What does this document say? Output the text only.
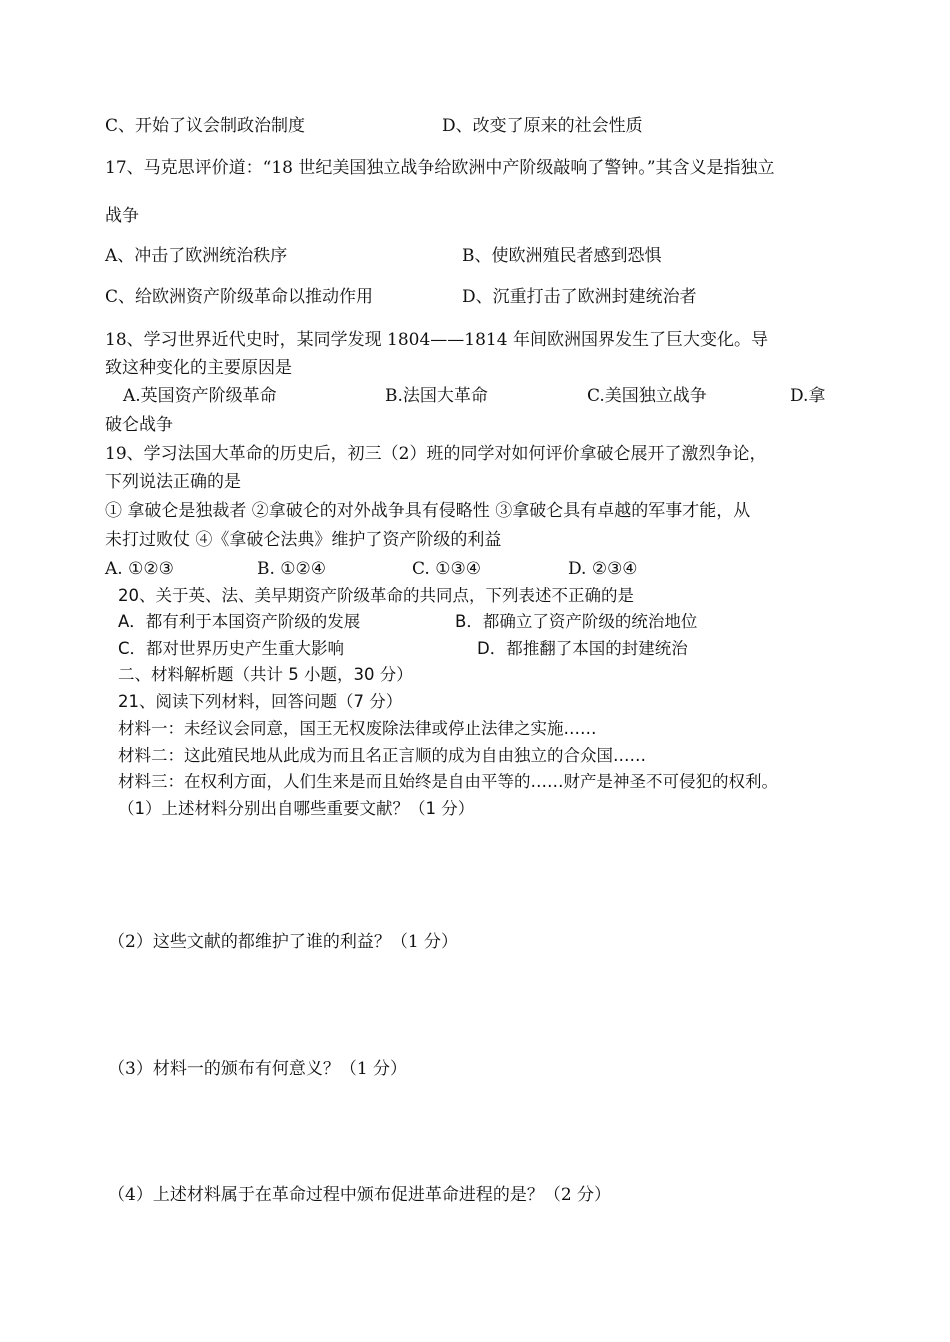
C、开始了议会制政治制度	D、改变了原来的社会性质
17、马克思评价道：“18 世纪美国独立战争给欧洲中产阶级敲响了警钟。”其含义是指独立
战争
A、冲击了欧洲统治秩序	B、使欧洲殖民者感到恐惧
C、给欧洲资产阶级革命以推动作用	D、沉重打击了欧洲封建统治者
18、学习世界近代史时，某同学发现 1804——1814 年间欧洲国界发生了巨大变化。导
致这种变化的主要原因是
A.英国资产阶级革命	B.法国大革命	C.美国独立战争	D.拿
破仑战争
19、学习法国大革命的历史后，初三（2）班的同学对如何评价拿破仑展开了激烈争论，
下列说法正确的是
① 拿破仑是独裁者 ②拿破仑的对外战争具有侵略性 ③拿破仑具有卓越的军事才能，从
未打过败仗 ④《拿破仑法典》维护了资产阶级的利益
A. ①②③	B. ①②④	C. ①③④	D. ②③④
20、关于英、法、美早期资产阶级革命的共同点，下列表述不正确的是
A．都有利于本国资产阶级的发展	B．都确立了资产阶级的统治地位
C．都对世界历史产生重大影响	D．都推翻了本国的封建统治
二、材料解析题（共计 5 小题，30 分）
21、阅读下列材料，回答问题（7 分）
材料一：未经议会同意，国王无权废除法律或停止法律之实施……
材料二：这此殖民地从此成为而且名正言顺的成为自由独立的合众国……
材料三：在权利方面，人们生来是而且始终是自由平等的……财产是神圣不可侵犯的权利。
（1）上述材料分别出自哪些重要文献？（1 分）
（2）这些文献的都维护了谁的利益？（1 分）
（3）材料一的颁布有何意义？（1 分）
（4）上述材料属于在革命过程中颁布促进革命进程的是？（2 分）
